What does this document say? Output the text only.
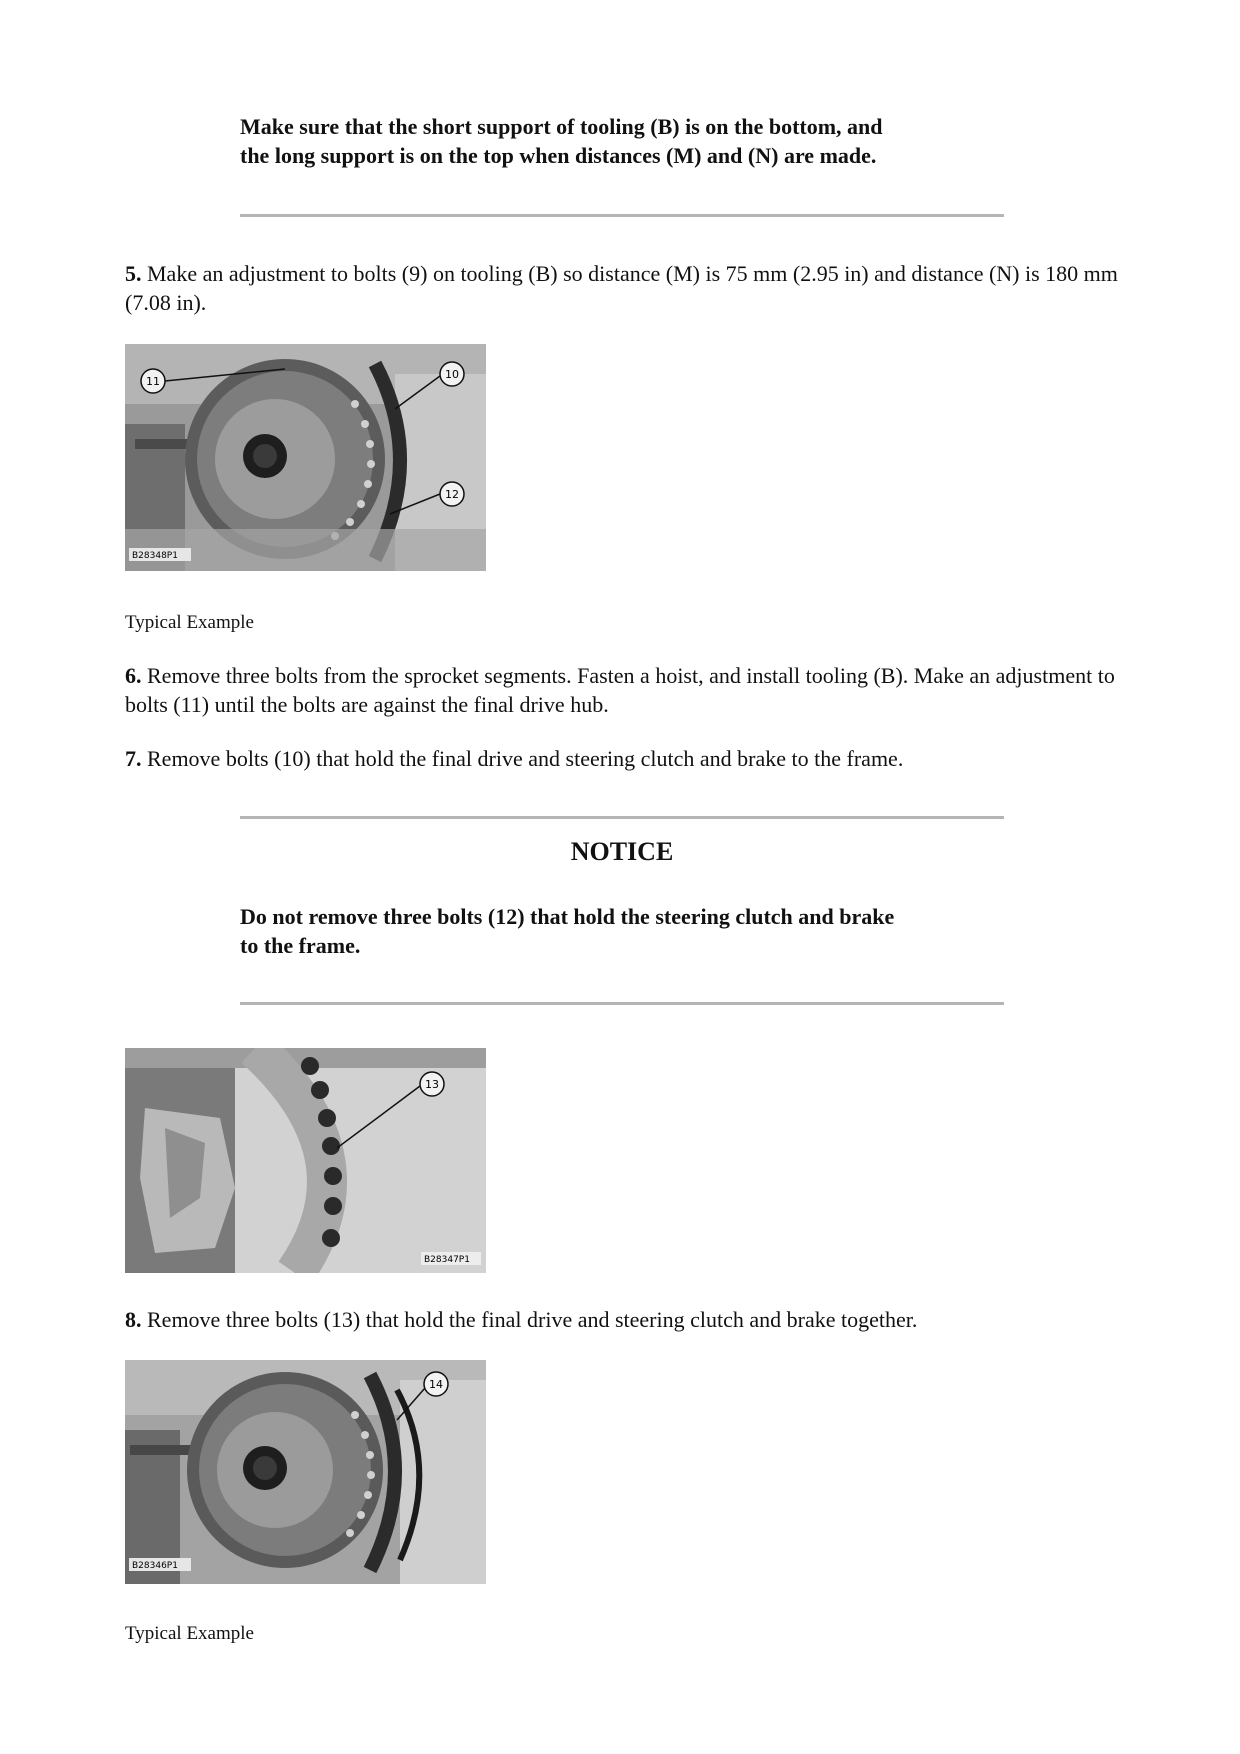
Make sure that the short support of tooling (B) is on the bottom, and
the long support is on the top when distances (M) and (N) are made.
5. Make an adjustment to bolts (9) on tooling (B) so distance (M) is 75 mm (2.95 in) and distance (N) is 180 mm (7.08 in).
11
10
12
B28348P1
Typical Example
6. Remove three bolts from the sprocket segments. Fasten a hoist, and install tooling (B). Make an adjustment to bolts (11) until the bolts are against the final drive hub.
7. Remove bolts (10) that hold the final drive and steering clutch and brake to the frame.
NOTICE
Do not remove three bolts (12) that hold the steering clutch and brake
to the frame.
13
B28347P1
8. Remove three bolts (13) that hold the final drive and steering clutch and brake together.
14
B28346P1
Typical Example
